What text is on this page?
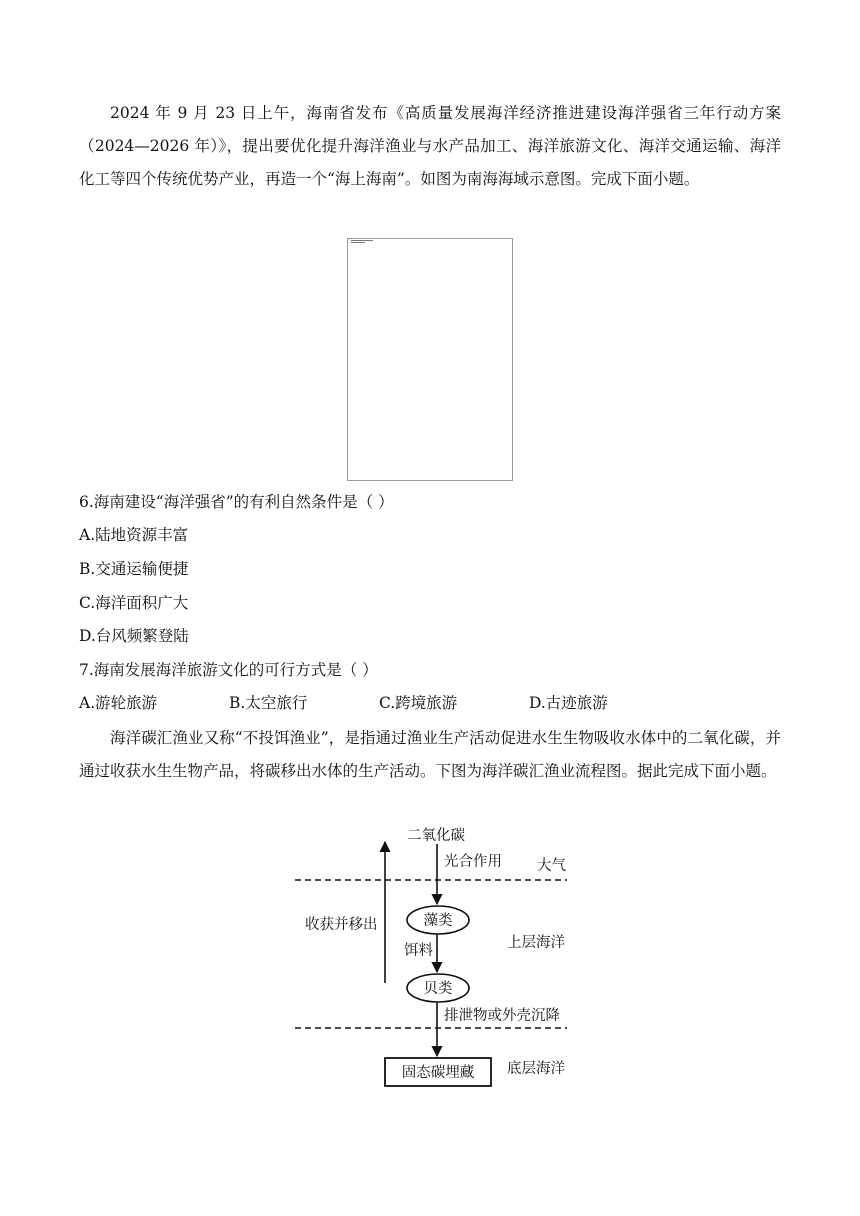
2024 年 9 月 23 日上午，海南省发布《高质量发展海洋经济推进建设海洋强省三年行动方案（2024—2026 年）》，提出要优化提升海洋渔业与水产品加工、海洋旅游文化、海洋交通运输、海洋化工等四个传统优势产业，再造一个“海上海南”。如图为南海海域示意图。完成下面小题。
6.海南建设“海洋强省”的有利自然条件是（ ）
A.陆地资源丰富
B.交通运输便捷
C.海洋面积广大
D.台风频繁登陆
7.海南发展海洋旅游文化的可行方式是（ ）
A.游轮旅游	B.太空旅行	C.跨境旅游	D.古迹旅游
海洋碳汇渔业又称“不投饵渔业”，是指通过渔业生产活动促进水生生物吸收水体中的二氧化碳，并通过收获水生生物产品，将碳移出水体的生产活动。下图为海洋碳汇渔业流程图。据此完成下面小题。
二氧化碳
光合作用 大气
收获并移出	藻类
饵料	上层海洋
贝类
排泄物或外壳沉降
固态碳埋藏 底层海洋
